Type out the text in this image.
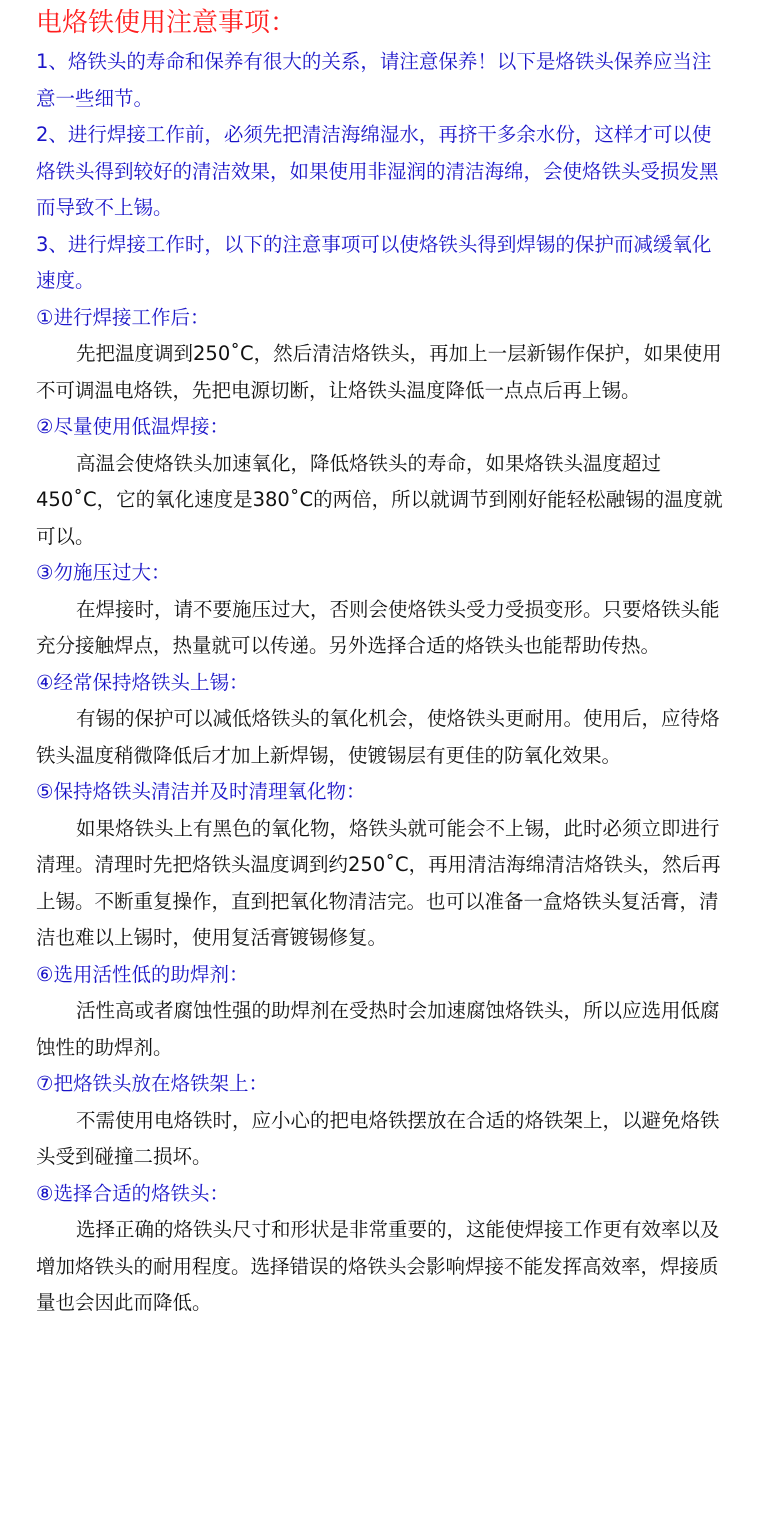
电烙铁使用注意事项：

1、烙铁头的寿命和保养有很大的关系，请注意保养！以下是烙铁头保养应当注意一些细节。

2、进行焊接工作前，必须先把清洁海绵湿水，再挤干多余水份，这样才可以使烙铁头得到较好的清洁效果，如果使用非湿润的清洁海绵，会使烙铁头受损发黑而导致不上锡。

3、进行焊接工作时，以下的注意事项可以使烙铁头得到焊锡的保护而减缓氧化速度。

①进行焊接工作后：

先把温度调到250˚C，然后清洁烙铁头，再加上一层新锡作保护，如果使用不可调温电烙铁，先把电源切断，让烙铁头温度降低一点点后再上锡。

②尽量使用低温焊接：

高温会使烙铁头加速氧化，降低烙铁头的寿命，如果烙铁头温度超过450˚C，它的氧化速度是380˚C的两倍，所以就调节到刚好能轻松融锡的温度就可以。

③勿施压过大：

在焊接时，请不要施压过大，否则会使烙铁头受力受损变形。只要烙铁头能充分接触焊点，热量就可以传递。另外选择合适的烙铁头也能帮助传热。

④经常保持烙铁头上锡：

有锡的保护可以减低烙铁头的氧化机会，使烙铁头更耐用。使用后，应待烙铁头温度稍微降低后才加上新焊锡，使镀锡层有更佳的防氧化效果。

⑤保持烙铁头清洁并及时清理氧化物：

如果烙铁头上有黑色的氧化物，烙铁头就可能会不上锡，此时必须立即进行清理。清理时先把烙铁头温度调到约250˚C，再用清洁海绵清洁烙铁头，然后再上锡。不断重复操作，直到把氧化物清洁完。也可以准备一盒烙铁头复活膏，清洁也难以上锡时，使用复活膏镀锡修复。

⑥选用活性低的助焊剂：

活性高或者腐蚀性强的助焊剂在受热时会加速腐蚀烙铁头，所以应选用低腐蚀性的助焊剂。

⑦把烙铁头放在烙铁架上：

不需使用电烙铁时，应小心的把电烙铁摆放在合适的烙铁架上，以避免烙铁头受到碰撞二损坏。

⑧选择合适的烙铁头：

选择正确的烙铁头尺寸和形状是非常重要的，这能使焊接工作更有效率以及增加烙铁头的耐用程度。选择错误的烙铁头会影响焊接不能发挥高效率，焊接质量也会因此而降低。
